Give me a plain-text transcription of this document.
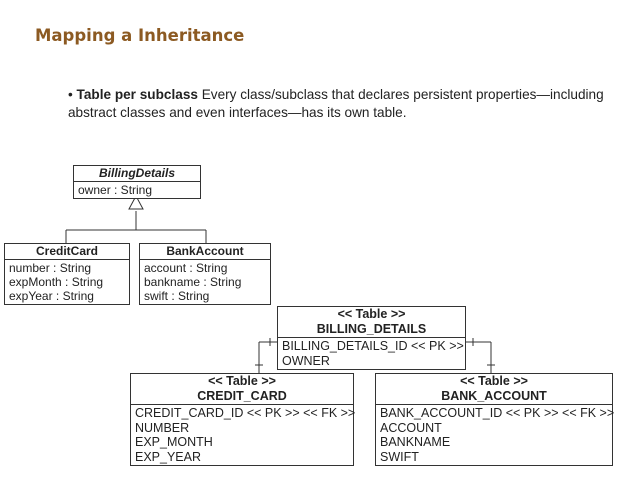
Mapping a Inheritance
• Table per subclass Every class/subclass that declares persistent properties—including abstract classes and even interfaces—has its own table.
BillingDetails
owner : String
CreditCard
number : String
expMonth : String
expYear : String
BankAccount
account : String
bankname : String
swift : String
<< Table >>
BILLING_DETAILS
BILLING_DETAILS_ID << PK >>
OWNER
<< Table >>
CREDIT_CARD
CREDIT_CARD_ID << PK >> << FK >>
NUMBER
EXP_MONTH
EXP_YEAR
<< Table >>
BANK_ACCOUNT
BANK_ACCOUNT_ID << PK >> << FK >>
ACCOUNT
BANKNAME
SWIFT
